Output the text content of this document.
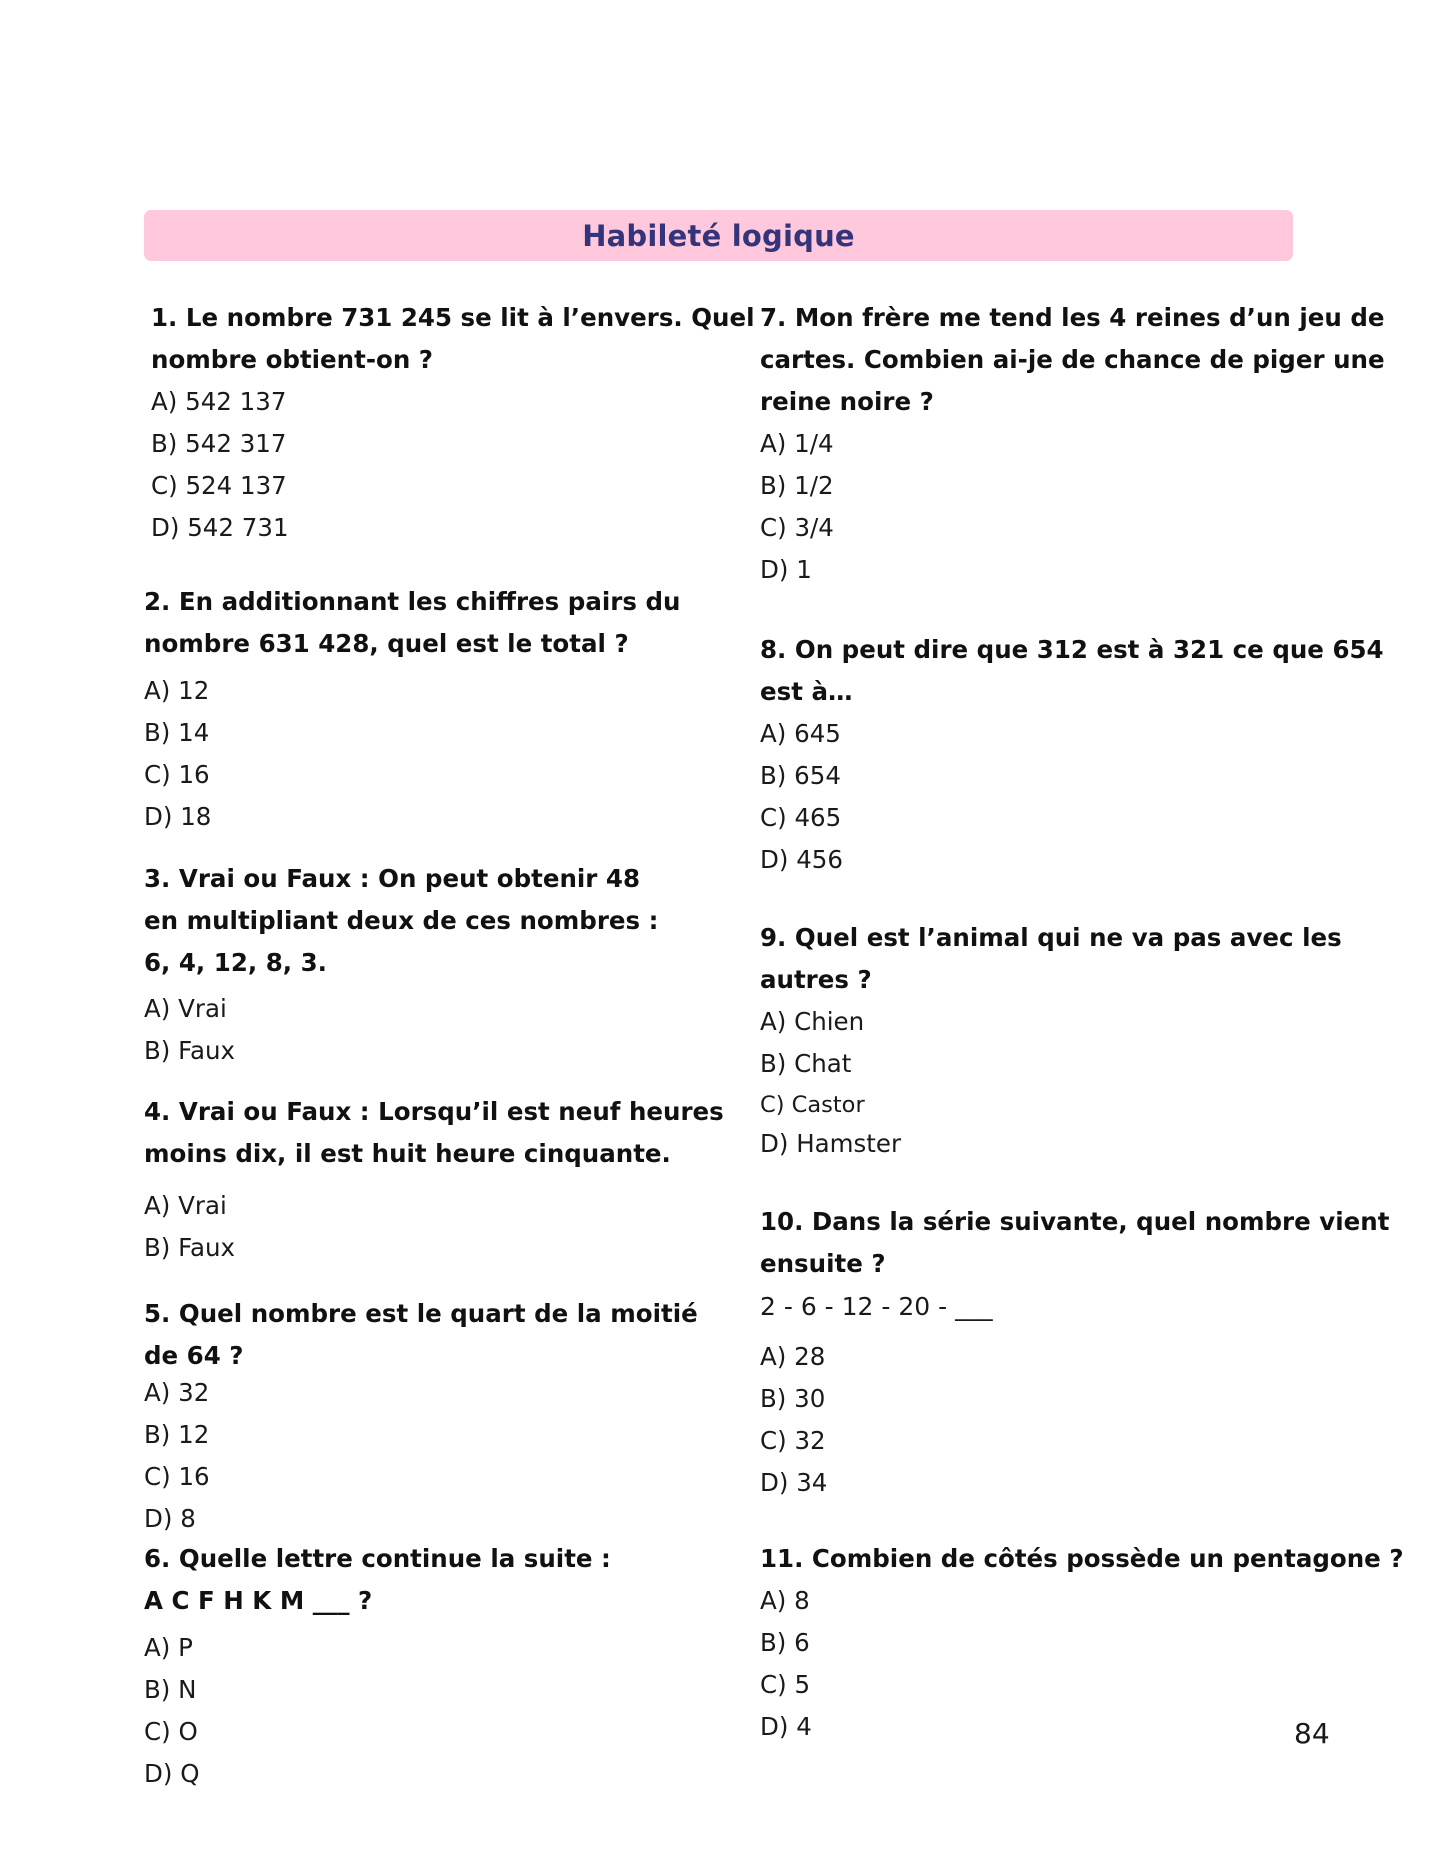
Habileté logique
1. Le nombre 731 245 se lit à l’envers. Quel
nombre obtient-on ?
A) 542 137
B) 542 317
C) 524 137
D) 542 731
2. En additionnant les chiffres pairs du
nombre 631 428, quel est le total ?
A) 12
B) 14
C) 16
D) 18
3. Vrai ou Faux : On peut obtenir 48
en multipliant deux de ces nombres :
6, 4, 12, 8, 3.
A) Vrai
B) Faux
4. Vrai ou Faux : Lorsqu’il est neuf heures
moins dix, il est huit heure cinquante.
A) Vrai
B) Faux
5. Quel nombre est le quart de la moitié
de 64 ?
A) 32
B) 12
C) 16
D) 8
6. Quelle lettre continue la suite :
A C F H K M ___ ?
A) P
B) N
C) O
D) Q
7. Mon frère me tend les 4 reines d’un jeu de
cartes. Combien ai-je de chance de piger une
reine noire ?
A) 1/4
B) 1/2
C) 3/4
D) 1
8. On peut dire que 312 est à 321 ce que 654
est à…
A) 645
B) 654
C) 465
D) 456
9. Quel est l’animal qui ne va pas avec les
autres ?
A) Chien
B) Chat
C) Castor
D) Hamster
10. Dans la série suivante, quel nombre vient
ensuite ?
2 - 6 - 12 - 20 - ___
A) 28
B) 30
C) 32
D) 34
11. Combien de côtés possède un pentagone ?
A) 8
B) 6
C) 5
D) 4	84
